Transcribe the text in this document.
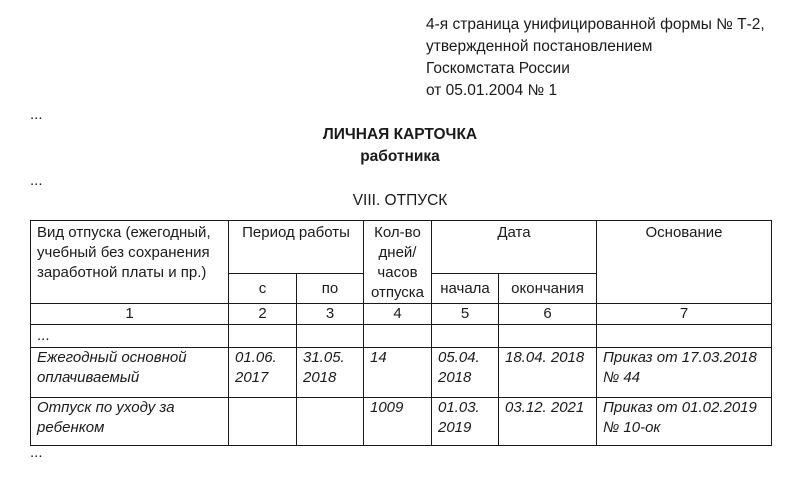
4-я страница унифицированной формы № Т-2,
утвержденной постановлением
Госкомстата России
от 05.01.2004 № 1
...
ЛИЧНАЯ КАРТОЧКА
работника
...
VIII. ОТПУСК
Вид отпуска (ежегодный, учебный без сохранения заработной платы и пр.)	Период работы		Кол-во дней/ часов отпуска	Дата		Основание
	с	по		начала	окончания	
1	2	3	4	5	6	7
...						
Ежегодный основной оплачиваемый	01.06. 2017	31.05. 2018	14	05.04. 2018	18.04. 2018	Приказ от 17.03.2018 № 44
Отпуск по уходу за ребенком			1009	01.03. 2019	03.12. 2021	Приказ от 01.02.2019 № 10-ок
...
